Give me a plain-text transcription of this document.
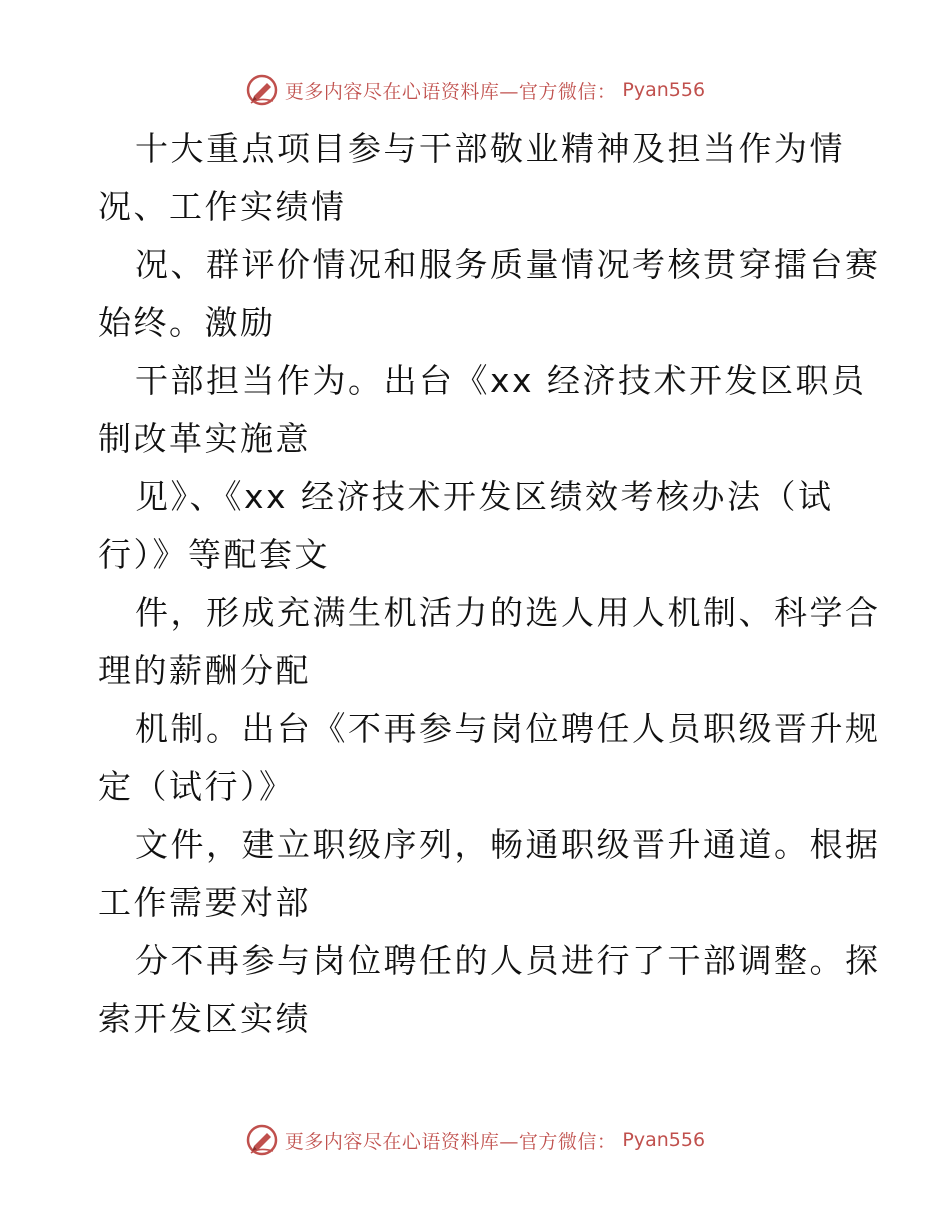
更多内容尽在心语资料库—官方微信： Pyan556
十大重点项目参与干部敬业精神及担当作为情
况、工作实绩情
况、群评价情况和服务质量情况考核贯穿擂台赛
始终。激励
干部担当作为。出台《xx 经济技术开发区职员
制改革实施意
见》、《xx 经济技术开发区绩效考核办法（试
行）》等配套文
件，形成充满生机活力的选人用人机制、科学合
理的薪酬分配
机制。出台《不再参与岗位聘任人员职级晋升规
定（试行）》
文件，建立职级序列，畅通职级晋升通道。根据
工作需要对部
分不再参与岗位聘任的人员进行了干部调整。探
索开发区实绩
更多内容尽在心语资料库—官方微信： Pyan556
